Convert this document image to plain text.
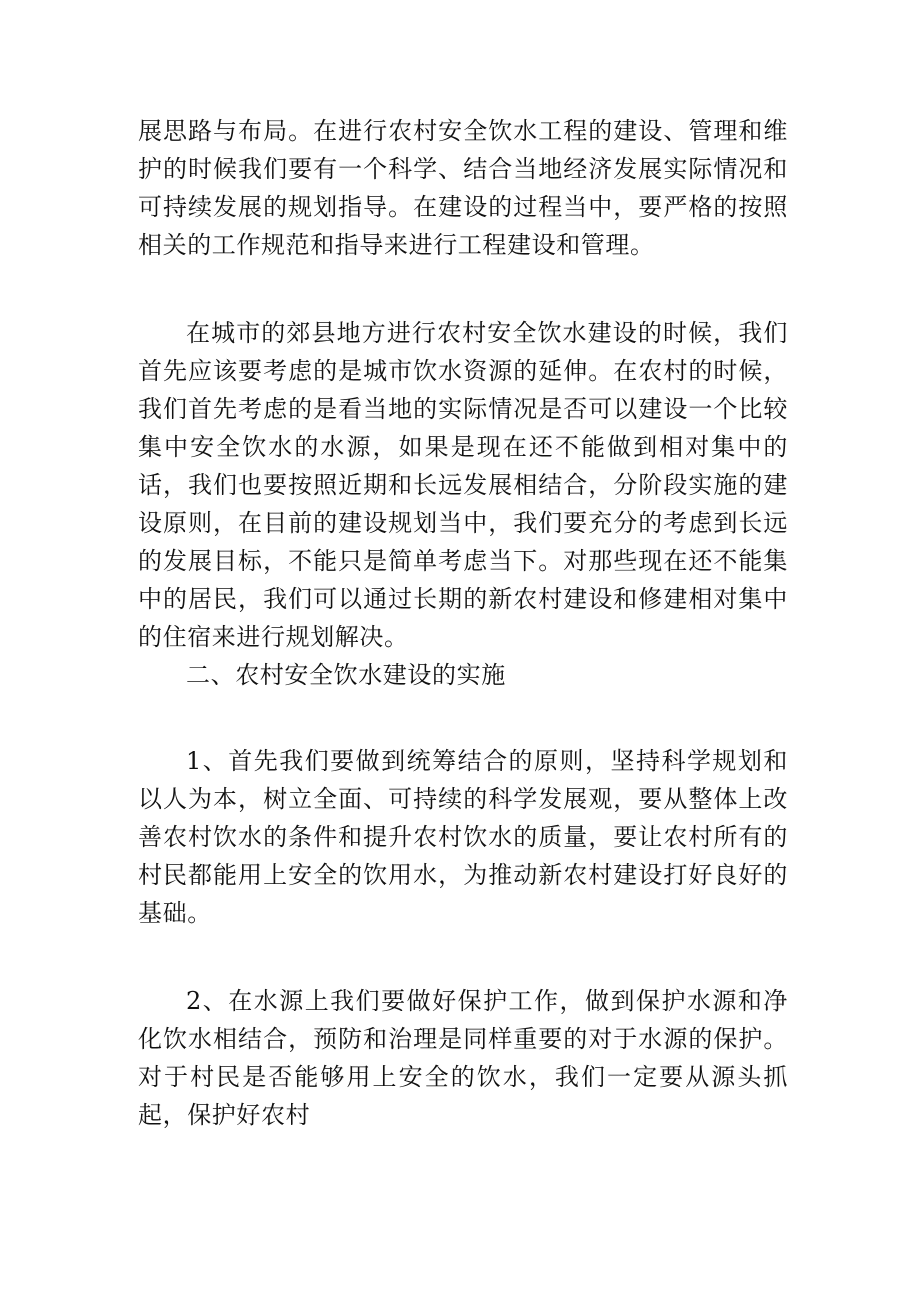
展思路与布局。在进行农村安全饮水工程的建设、管理和维护的时候我们要有一个科学、结合当地经济发展实际情况和可持续发展的规划指导。在建设的过程当中，要严格的按照相关的工作规范和指导来进行工程建设和管理。

在城市的郊县地方进行农村安全饮水建设的时候，我们首先应该要考虑的是城市饮水资源的延伸。在农村的时候，我们首先考虑的是看当地的实际情况是否可以建设一个比较集中安全饮水的水源，如果是现在还不能做到相对集中的话，我们也要按照近期和长远发展相结合，分阶段实施的建设原则，在目前的建设规划当中，我们要充分的考虑到长远的发展目标，不能只是简单考虑当下。对那些现在还不能集中的居民，我们可以通过长期的新农村建设和修建相对集中的住宿来进行规划解决。

二、农村安全饮水建设的实施

1、首先我们要做到统筹结合的原则，坚持科学规划和以人为本，树立全面、可持续的科学发展观，要从整体上改善农村饮水的条件和提升农村饮水的质量，要让农村所有的村民都能用上安全的饮用水，为推动新农村建设打好良好的基础。

2、在水源上我们要做好保护工作，做到保护水源和净化饮水相结合，预防和治理是同样重要的对于水源的保护。对于村民是否能够用上安全的饮水，我们一定要从源头抓起，保护好农村
